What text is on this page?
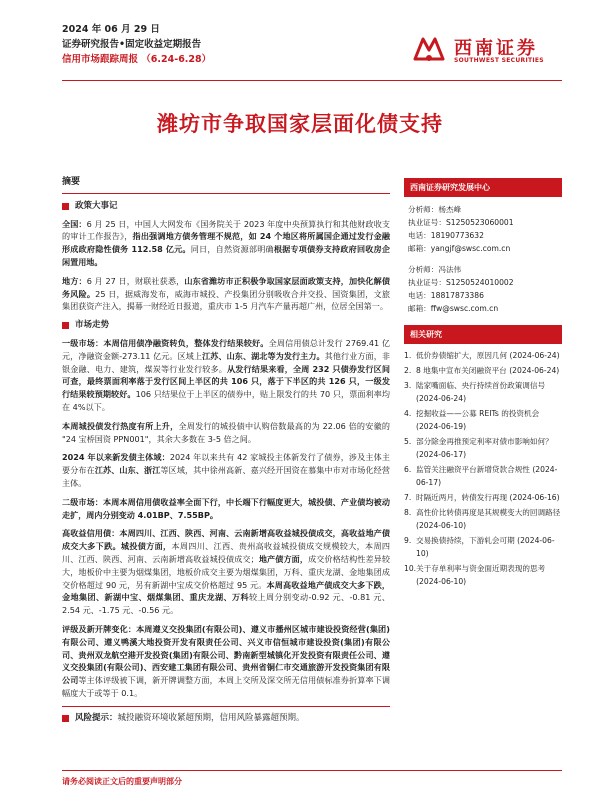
2024 年 06 月 29 日
证券研究报告•固定收益定期报告
信用市场跟踪周报 （6.24-6.28）
西南证券
SOUTHWEST SECURITIES
潍坊市争取国家层面化债支持
摘要
政策大事记
全国：6 月 25 日，中国人大网发布《国务院关于 2023 年度中央预算执行和其他财政收支的审计工作报告》，指出强调地方债务管理不规范，如 24 个地区将所属国企通过发行金融形成政府隐性债务 112.58 亿元。同日，自然资源部明确根据专项债券支持政府回收房企闲置用地。
地方：6 月 27 日，财联社获悉，山东省潍坊市正积极争取国家层面政策支持，加快化解债务风险。25 日，据威海发布，威海市城投、产投集团分别吸收合并交投、国资集团，文旅集团获资产注入，揭幕一财经近日报道，重庆市 1-5 月汽车产量再超广州，位居全国第一。
市场走势
一级市场：本周信用债净融资转负，整体发行结果较好。全周信用债总计发行 2769.41 亿元，净融资金额-273.11 亿元。区域上江苏、山东、湖北等为发行主力。其他行业方面，非银金融、电力、建筑，煤炭等行业发行较多。从发行结果来看，全周 232 只债券发行区间可查，最终票面利率落于发行区间上半区的共 106 只，落于下半区的共 126 只，一级发行结果较预期较好。106 只结果位于上半区的债券中，贴上限发行的共 70 只，票面利率均在 4%以下。
本周城投债发行热度有所上升，全周发行的城投债中认购倍数最高的为 22.06 倍的安徽的 "24 宝桥国资 PPN001"，其余大多数在 3-5 倍之间。
2024 年以来新发债主体域：2024 年以来共有 42 家城投主体新发行了债券，涉及主体主要分布在江苏、山东、浙江等区域，其中徐州高新、嘉兴经开国资在慕集中市对市场化经营主体。
二级市场：本周本周信用债收益率全面下行，中长端下行幅度更大，城投债、产业债均被动走扩，周内分别变动 4.01BP、7.55BP。
高收益信用债：本周四川、江西、陕西、河南、云南新增高收益城投债成交，高收益地产债成交大多下跌。城投债方面，本周四川、江西、贵州高收益城投债成交规模较大，本周四川、江西、陕西、河南、云南新增高收益城投债成交；地产债方面，成交价格结构性差异较大，地板价中主要为烟煤集团，地板价成交主要为烟煤集团，万科、重庆龙湖、金地集团成交价格超过 90 元，另有新湖中宝成交价格超过 95 元。本周高收益地产债成交大多下跌，金地集团、新湖中宝、烟煤集团、重庆龙湖、万科较上周分别变动-0.92 元、-0.81 元、2.54 元、-1.75 元、-0.56 元。
评级及新开牌变化：本周遵义交投集团(有限公司)、遵义市播州区城市建设投资经营(集团)有限公司、遵义鸭溪大地投资开发有限责任公司、兴义市信恒城市建设投资(集团)有限公司、贵州双龙航空港开发投资(集团)有限公司、黔南新型城镇化开发投资有限责任公司、遵义交投集团(有限公司)、西安建工集团有限公司、贵州省铜仁市交通旅游开发投资集团有限公司等主体评级被下调，新开牌调整方面，本周上交所及深交所无信用债标准券折算率下调幅度大于或等于 0.1。
风险提示：城投融资环境收紧超预期，信用风险暴露超预期。
西南证券研究发展中心
分析师：杨杰峰
执业证号：S1250523060001
电话：18190773632
邮箱：yangjf@swsc.com.cn
分析师：冯法伟
执业证号：S1250524010002
电话：18817873386
邮箱：ffw@swsc.com.cn
相关研究
1. 低价券债缩扩大，原因几何 (2024-06-24)
2. 8 地集中宣布关闭融资平台 (2024-06-24)
3. 陆家嘴面临、央行持续首份政策调信号 (2024-06-24)
4. 挖掘收益——公募 REITs 的投资机会 (2024-06-19)
5. 部分除金再推预定利率对债市影响如何？ (2024-06-17)
6. 监管关注融资平台新增贷款合规性 (2024-06-17)
7. 时隔近两月，转债发行再现 (2024-06-16)
8. 高性价比转债再度是其规模变大的回调路径 (2024-06-10)
9. 交易换债持续，下游轧会可期 (2024-06-10)
10. 关于存单利率与资金面近期表现的思考 (2024-06-10)
请务必阅读正文后的重要声明部分
